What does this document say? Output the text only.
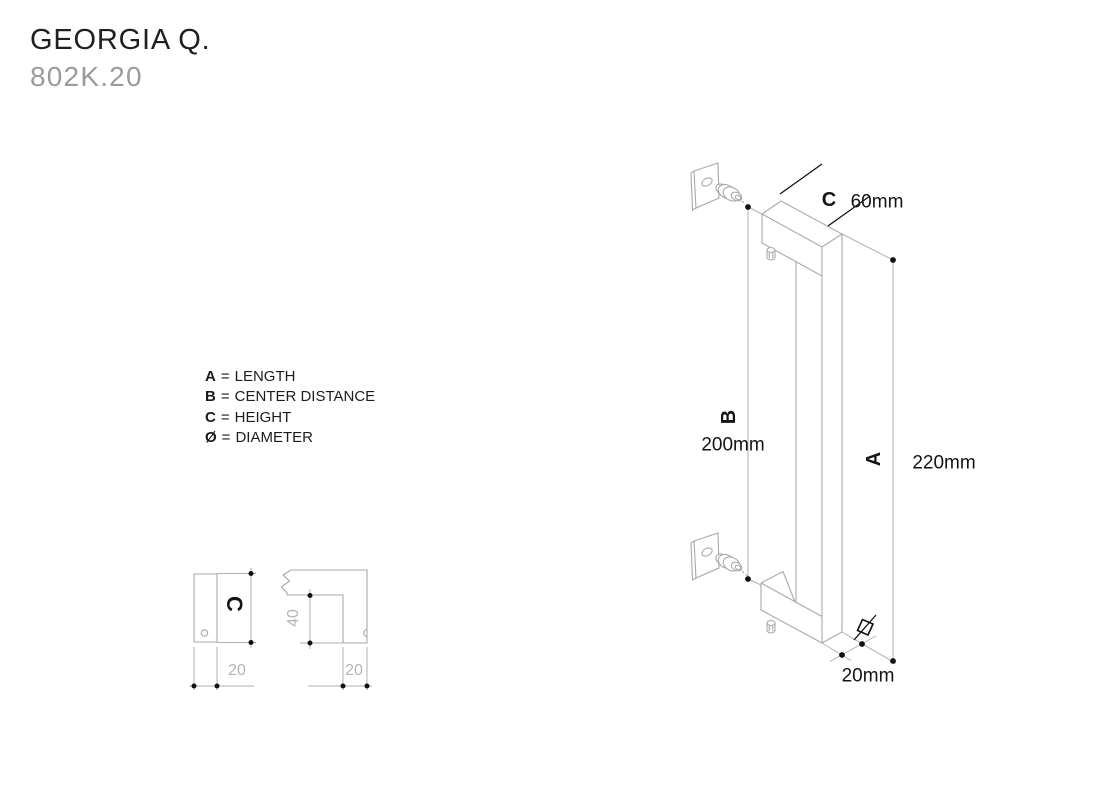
GEORGIA Q.
802K.20
A = LENGTH
B = CENTER DISTANCE
C = HEIGHT
Ø = DIAMETER
C 60mm
B
200mm
A 220mm
20mm
C
20
40
20
